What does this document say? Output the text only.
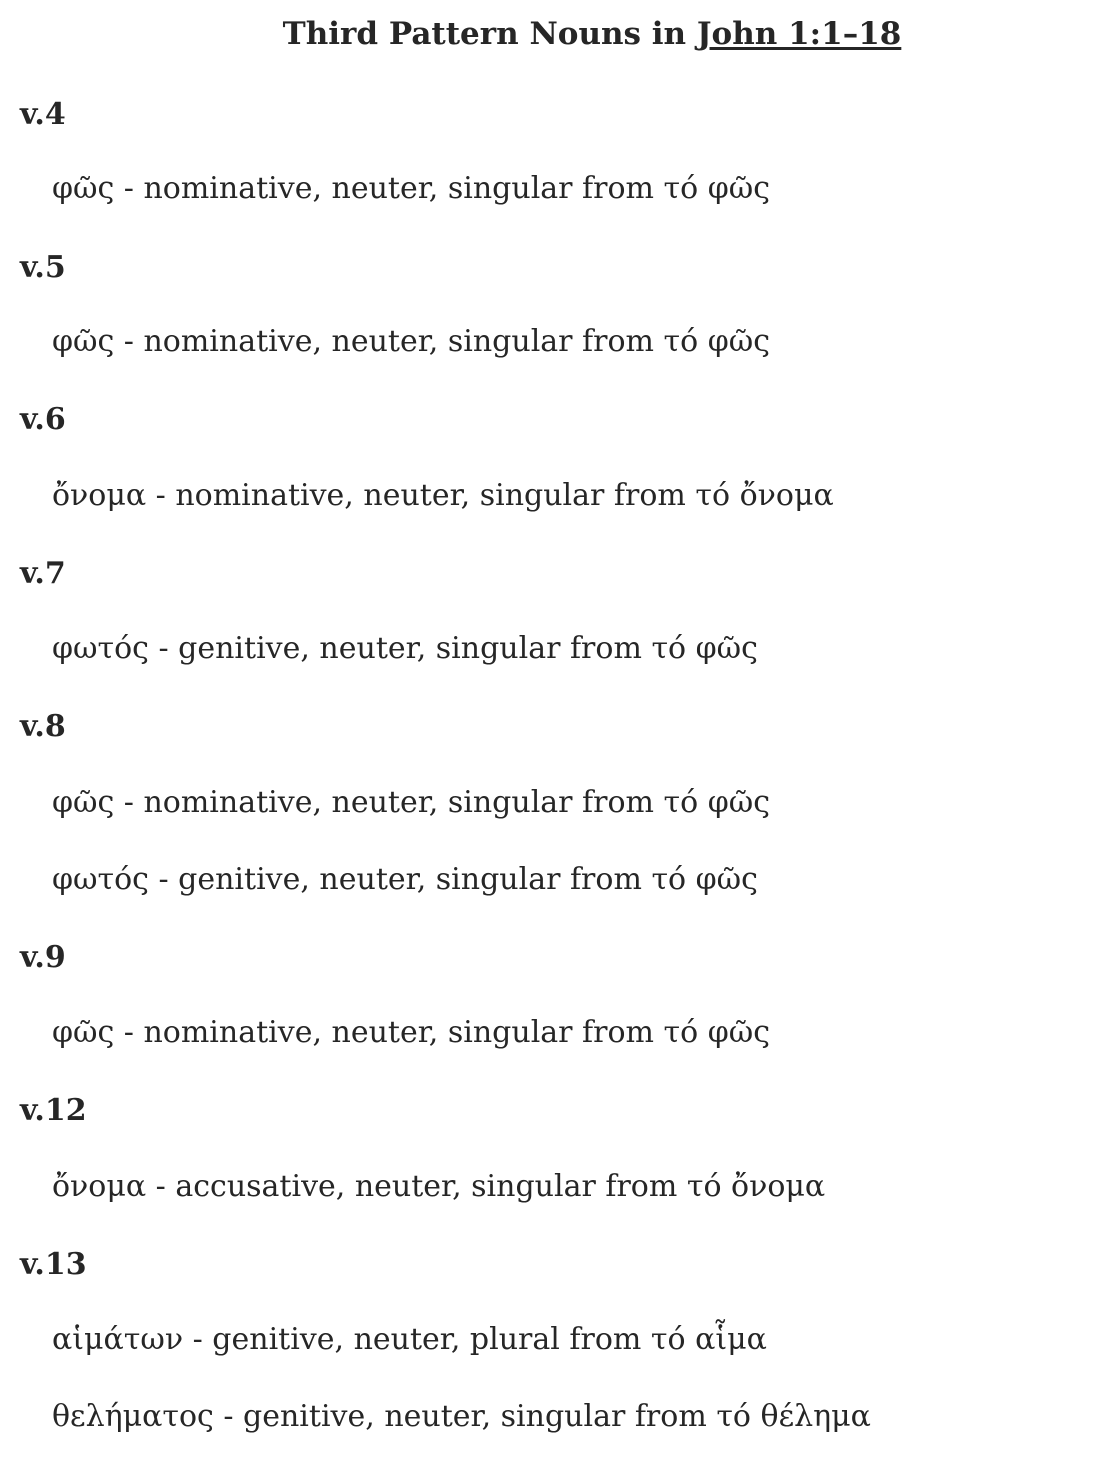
Third Pattern Nouns in John 1:1–18
v.4
φῶς - nominative, neuter, singular from τό φῶς
v.5
φῶς - nominative, neuter, singular from τό φῶς
v.6
ὄνομα - nominative, neuter, singular from τό ὄνομα
v.7
φωτός - genitive, neuter, singular from τό φῶς
v.8
φῶς - nominative, neuter, singular from τό φῶς
φωτός - genitive, neuter, singular from τό φῶς
v.9
φῶς - nominative, neuter, singular from τό φῶς
v.12
ὄνομα - accusative, neuter, singular from τό ὄνομα
v.13
αἱμάτων - genitive, neuter, plural from τό αἷμα
θελήματος - genitive, neuter, singular from τό θέλημα
